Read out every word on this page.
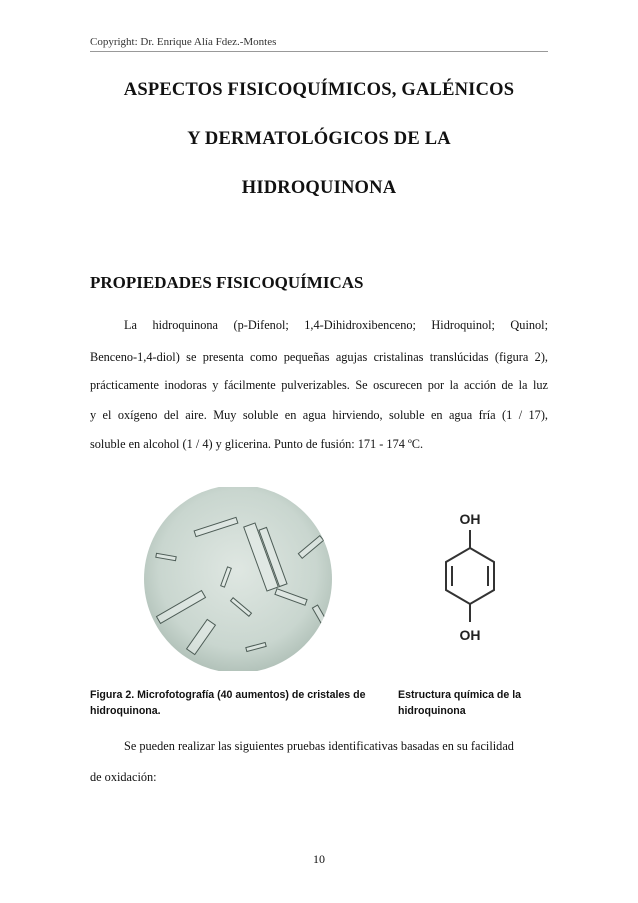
Copyright: Dr. Enrique Alía Fdez.-Montes
ASPECTOS FISICOQUÍMICOS, GALÉNICOS
Y DERMATOLÓGICOS DE LA
HIDROQUINONA
PROPIEDADES FISICOQUÍMICAS

La hidroquinona (p-Difenol; 1,4-Dihidroxibenceno; Hidroquinol; Quinol;

Benceno-1,4-diol) se presenta como pequeñas agujas cristalinas translúcidas (figura 2),

prácticamente inodoras y fácilmente pulverizables. Se oscurecen por la acción de la luz

y el oxígeno del aire. Muy soluble en agua hirviendo, soluble en agua fría (1 / 17),

soluble en alcohol (1 / 4) y glicerina. Punto de fusión: 171 - 174 ºC.

OH
OH
Figura 2. Microfotografía (40 aumentos) de cristales de
hidroquinona.
Estructura química de la
hidroquinona

Se pueden realizar las siguientes pruebas identificativas basadas en su facilidad

de oxidación:

10
